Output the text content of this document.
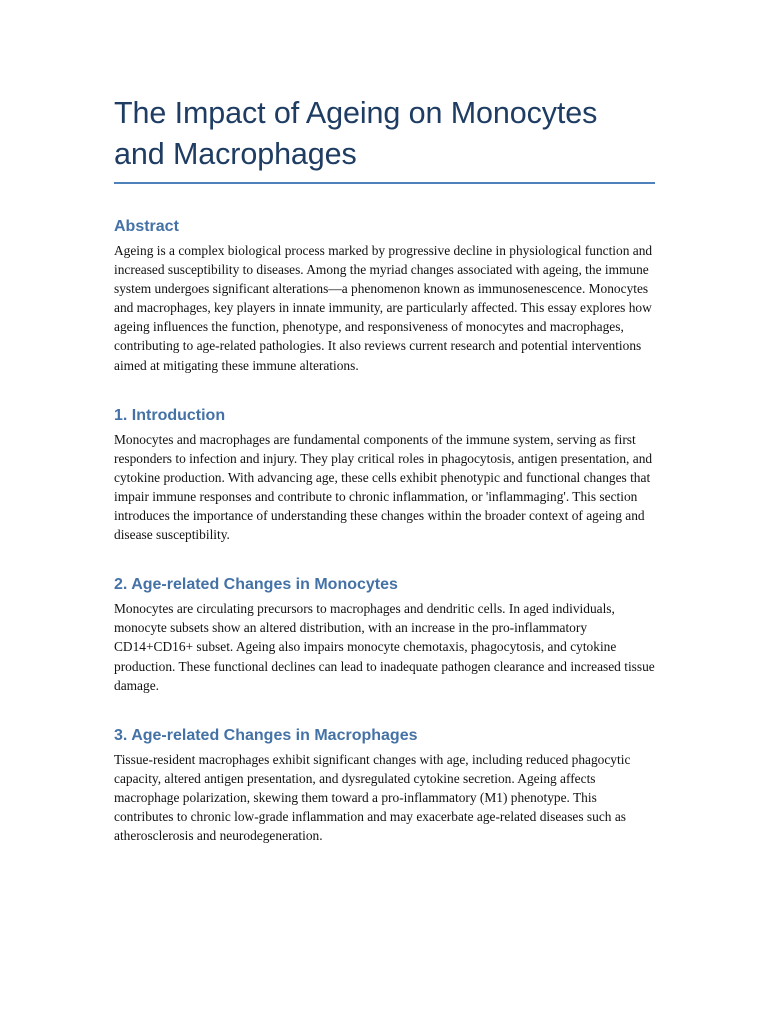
The Impact of Ageing on Monocytes and Macrophages
Abstract

Ageing is a complex biological process marked by progressive decline in physiological function and increased susceptibility to diseases. Among the myriad changes associated with ageing, the immune system undergoes significant alterations—a phenomenon known as immunosenescence. Monocytes and macrophages, key players in innate immunity, are particularly affected. This essay explores how ageing influences the function, phenotype, and responsiveness of monocytes and macrophages, contributing to age-related pathologies. It also reviews current research and potential interventions aimed at mitigating these immune alterations.

1. Introduction

Monocytes and macrophages are fundamental components of the immune system, serving as first responders to infection and injury. They play critical roles in phagocytosis, antigen presentation, and cytokine production. With advancing age, these cells exhibit phenotypic and functional changes that impair immune responses and contribute to chronic inflammation, or 'inflammaging'. This section introduces the importance of understanding these changes within the broader context of ageing and disease susceptibility.

2. Age-related Changes in Monocytes

Monocytes are circulating precursors to macrophages and dendritic cells. In aged individuals, monocyte subsets show an altered distribution, with an increase in the pro-inflammatory CD14+CD16+ subset. Ageing also impairs monocyte chemotaxis, phagocytosis, and cytokine production. These functional declines can lead to inadequate pathogen clearance and increased tissue damage.

3. Age-related Changes in Macrophages

Tissue-resident macrophages exhibit significant changes with age, including reduced phagocytic capacity, altered antigen presentation, and dysregulated cytokine secretion. Ageing affects macrophage polarization, skewing them toward a pro-inflammatory (M1) phenotype. This contributes to chronic low-grade inflammation and may exacerbate age-related diseases such as atherosclerosis and neurodegeneration.
